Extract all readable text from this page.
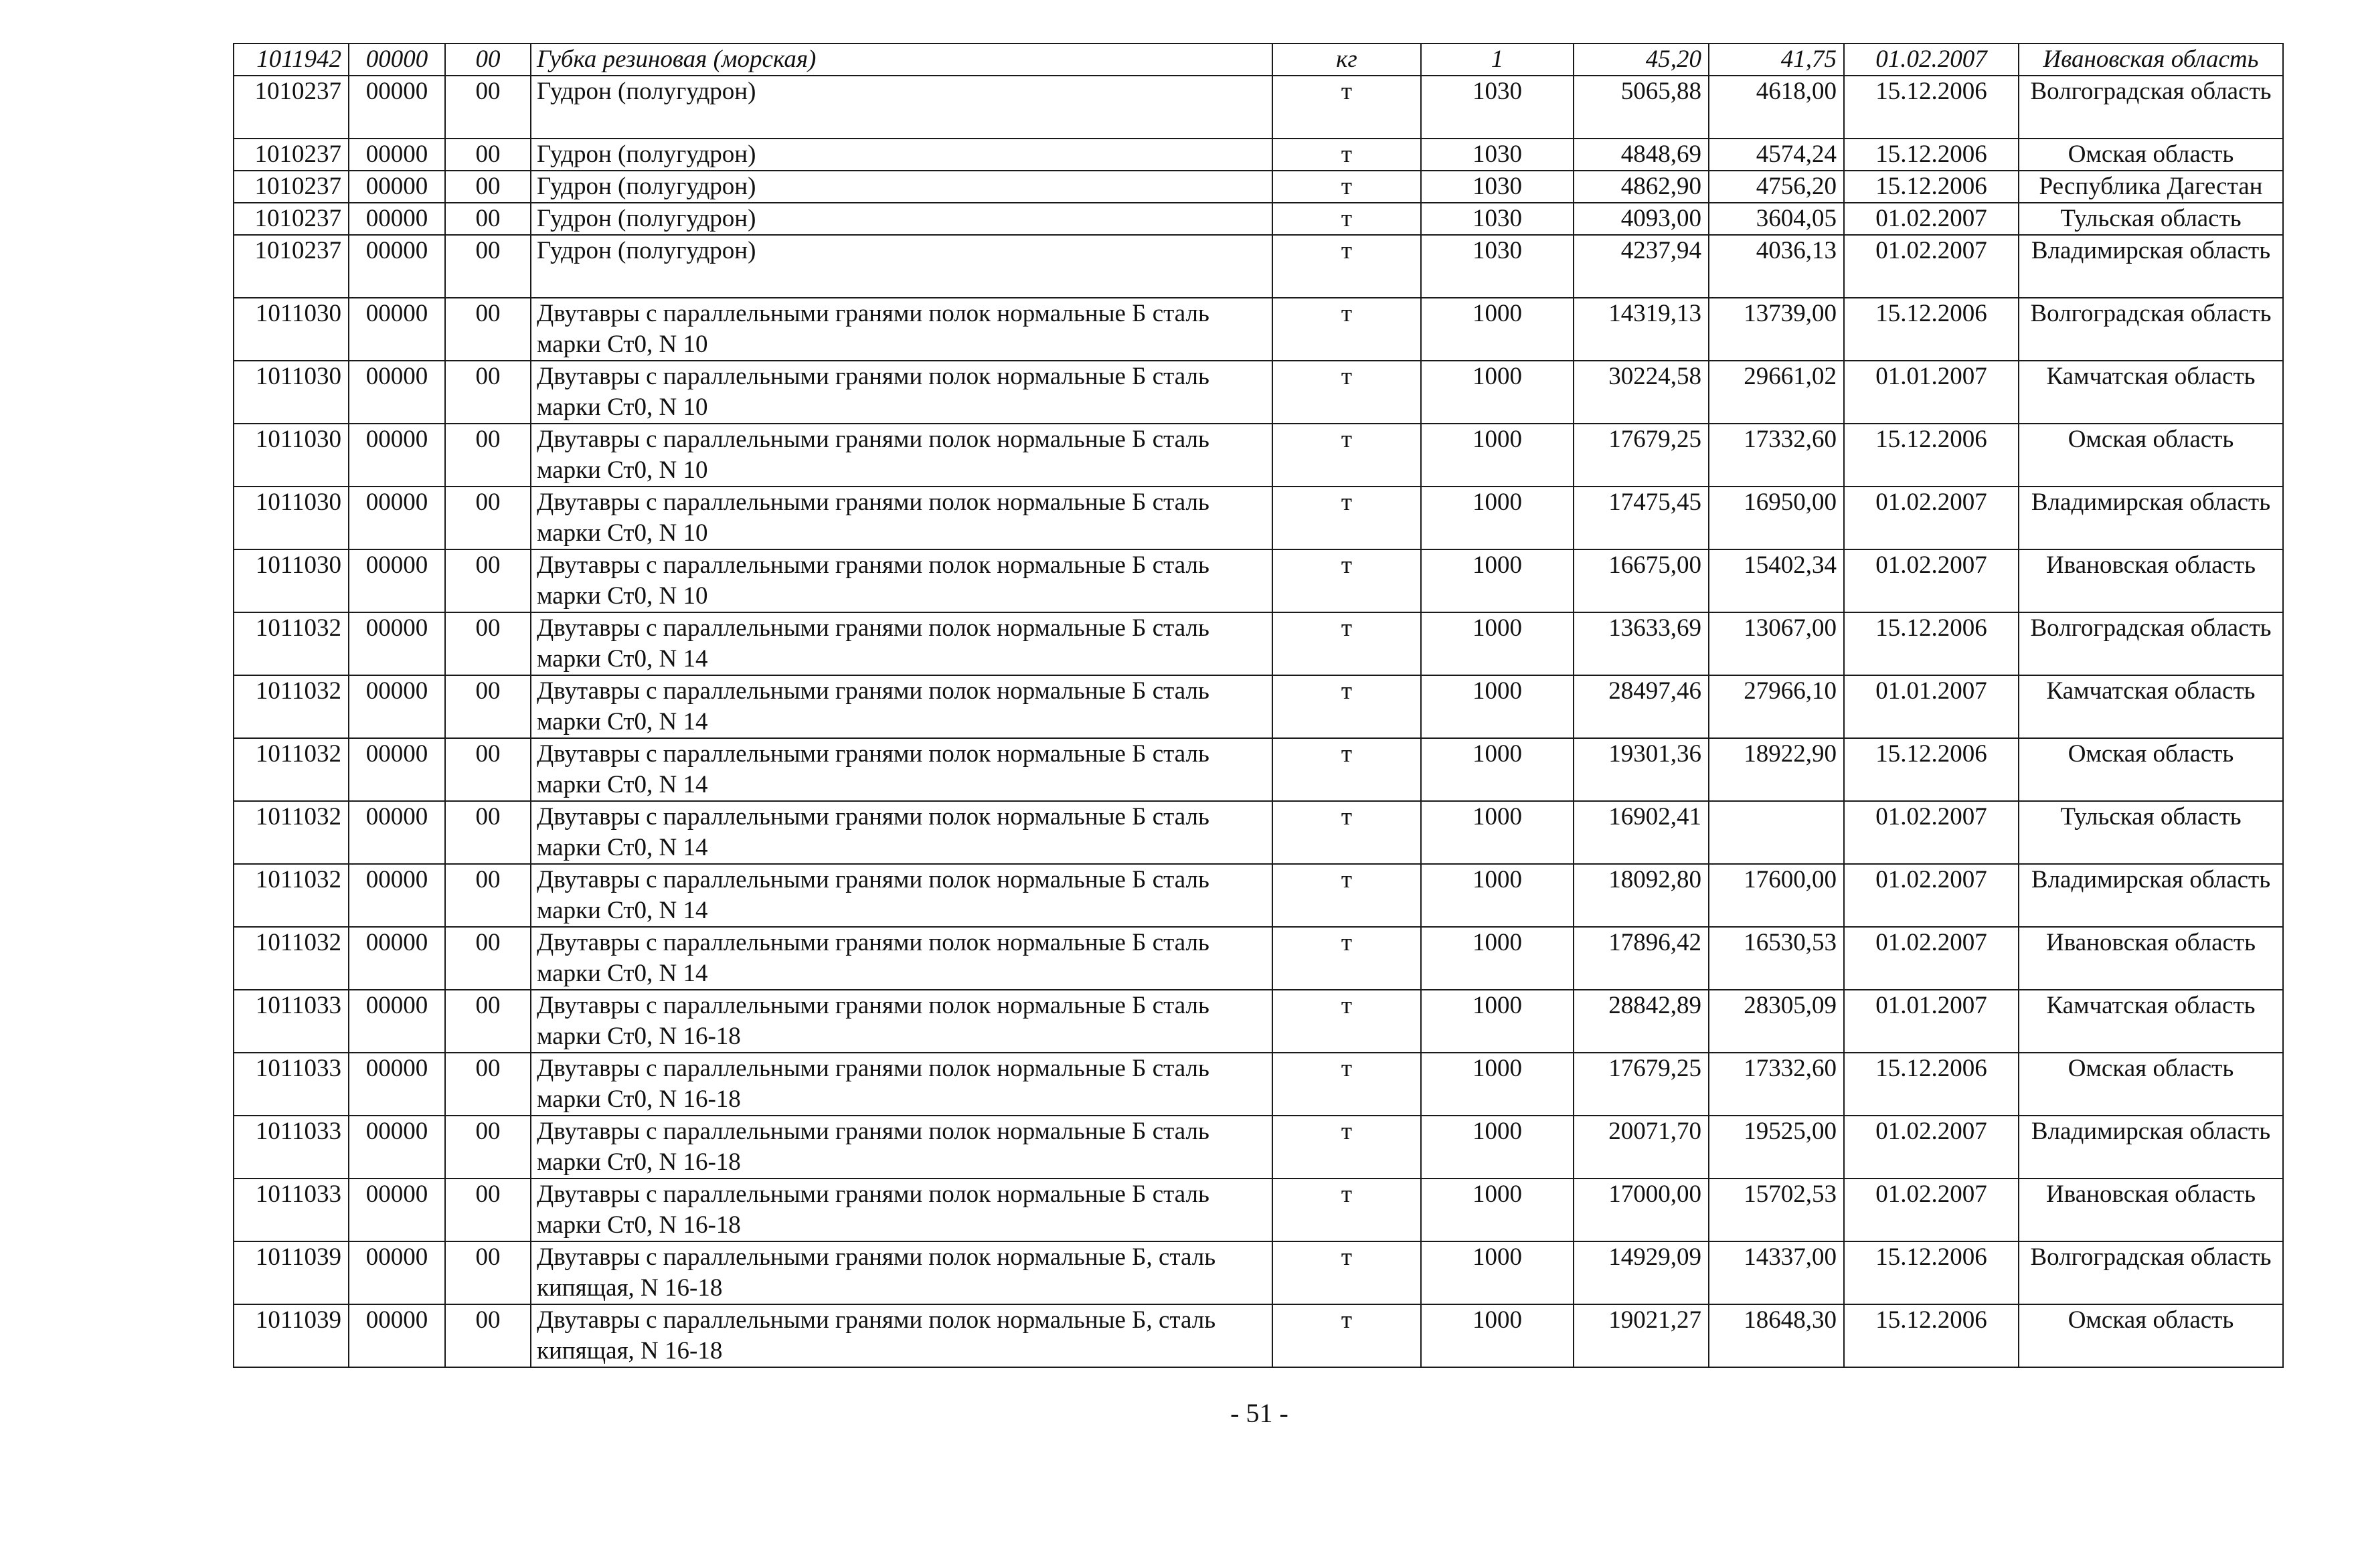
1011942	00000	00	Губка резиновая (морская)	кг	1	45,20	41,75	01.02.2007	Ивановская область
1010237	00000	00	Гудрон (полугудрон)	т	1030	5065,88	4618,00	15.12.2006	Волгоградская область
1010237	00000	00	Гудрон (полугудрон)	т	1030	4848,69	4574,24	15.12.2006	Омская область
1010237	00000	00	Гудрон (полугудрон)	т	1030	4862,90	4756,20	15.12.2006	Республика Дагестан
1010237	00000	00	Гудрон (полугудрон)	т	1030	4093,00	3604,05	01.02.2007	Тульская область
1010237	00000	00	Гудрон (полугудрон)	т	1030	4237,94	4036,13	01.02.2007	Владимирская область
1011030	00000	00	Двутавры с параллельными гранями полок нормальные Б сталь марки Ст0, N 10	т	1000	14319,13	13739,00	15.12.2006	Волгоградская область
1011030	00000	00	Двутавры с параллельными гранями полок нормальные Б сталь марки Ст0, N 10	т	1000	30224,58	29661,02	01.01.2007	Камчатская область
1011030	00000	00	Двутавры с параллельными гранями полок нормальные Б сталь марки Ст0, N 10	т	1000	17679,25	17332,60	15.12.2006	Омская область
1011030	00000	00	Двутавры с параллельными гранями полок нормальные Б сталь марки Ст0, N 10	т	1000	17475,45	16950,00	01.02.2007	Владимирская область
1011030	00000	00	Двутавры с параллельными гранями полок нормальные Б сталь марки Ст0, N 10	т	1000	16675,00	15402,34	01.02.2007	Ивановская область
1011032	00000	00	Двутавры с параллельными гранями полок нормальные Б сталь марки Ст0, N 14	т	1000	13633,69	13067,00	15.12.2006	Волгоградская область
1011032	00000	00	Двутавры с параллельными гранями полок нормальные Б сталь марки Ст0, N 14	т	1000	28497,46	27966,10	01.01.2007	Камчатская область
1011032	00000	00	Двутавры с параллельными гранями полок нормальные Б сталь марки Ст0, N 14	т	1000	19301,36	18922,90	15.12.2006	Омская область
1011032	00000	00	Двутавры с параллельными гранями полок нормальные Б сталь марки Ст0, N 14	т	1000	16902,41		01.02.2007	Тульская область
1011032	00000	00	Двутавры с параллельными гранями полок нормальные Б сталь марки Ст0, N 14	т	1000	18092,80	17600,00	01.02.2007	Владимирская область
1011032	00000	00	Двутавры с параллельными гранями полок нормальные Б сталь марки Ст0, N 14	т	1000	17896,42	16530,53	01.02.2007	Ивановская область
1011033	00000	00	Двутавры с параллельными гранями полок нормальные Б сталь марки Ст0, N 16-18	т	1000	28842,89	28305,09	01.01.2007	Камчатская область
1011033	00000	00	Двутавры с параллельными гранями полок нормальные Б сталь марки Ст0, N 16-18	т	1000	17679,25	17332,60	15.12.2006	Омская область
1011033	00000	00	Двутавры с параллельными гранями полок нормальные Б сталь марки Ст0, N 16-18	т	1000	20071,70	19525,00	01.02.2007	Владимирская область
1011033	00000	00	Двутавры с параллельными гранями полок нормальные Б сталь марки Ст0, N 16-18	т	1000	17000,00	15702,53	01.02.2007	Ивановская область
1011039	00000	00	Двутавры с параллельными гранями полок нормальные Б, сталь кипящая, N 16-18	т	1000	14929,09	14337,00	15.12.2006	Волгоградская область
1011039	00000	00	Двутавры с параллельными гранями полок нормальные Б, сталь кипящая, N 16-18	т	1000	19021,27	18648,30	15.12.2006	Омская область
- 51 -
